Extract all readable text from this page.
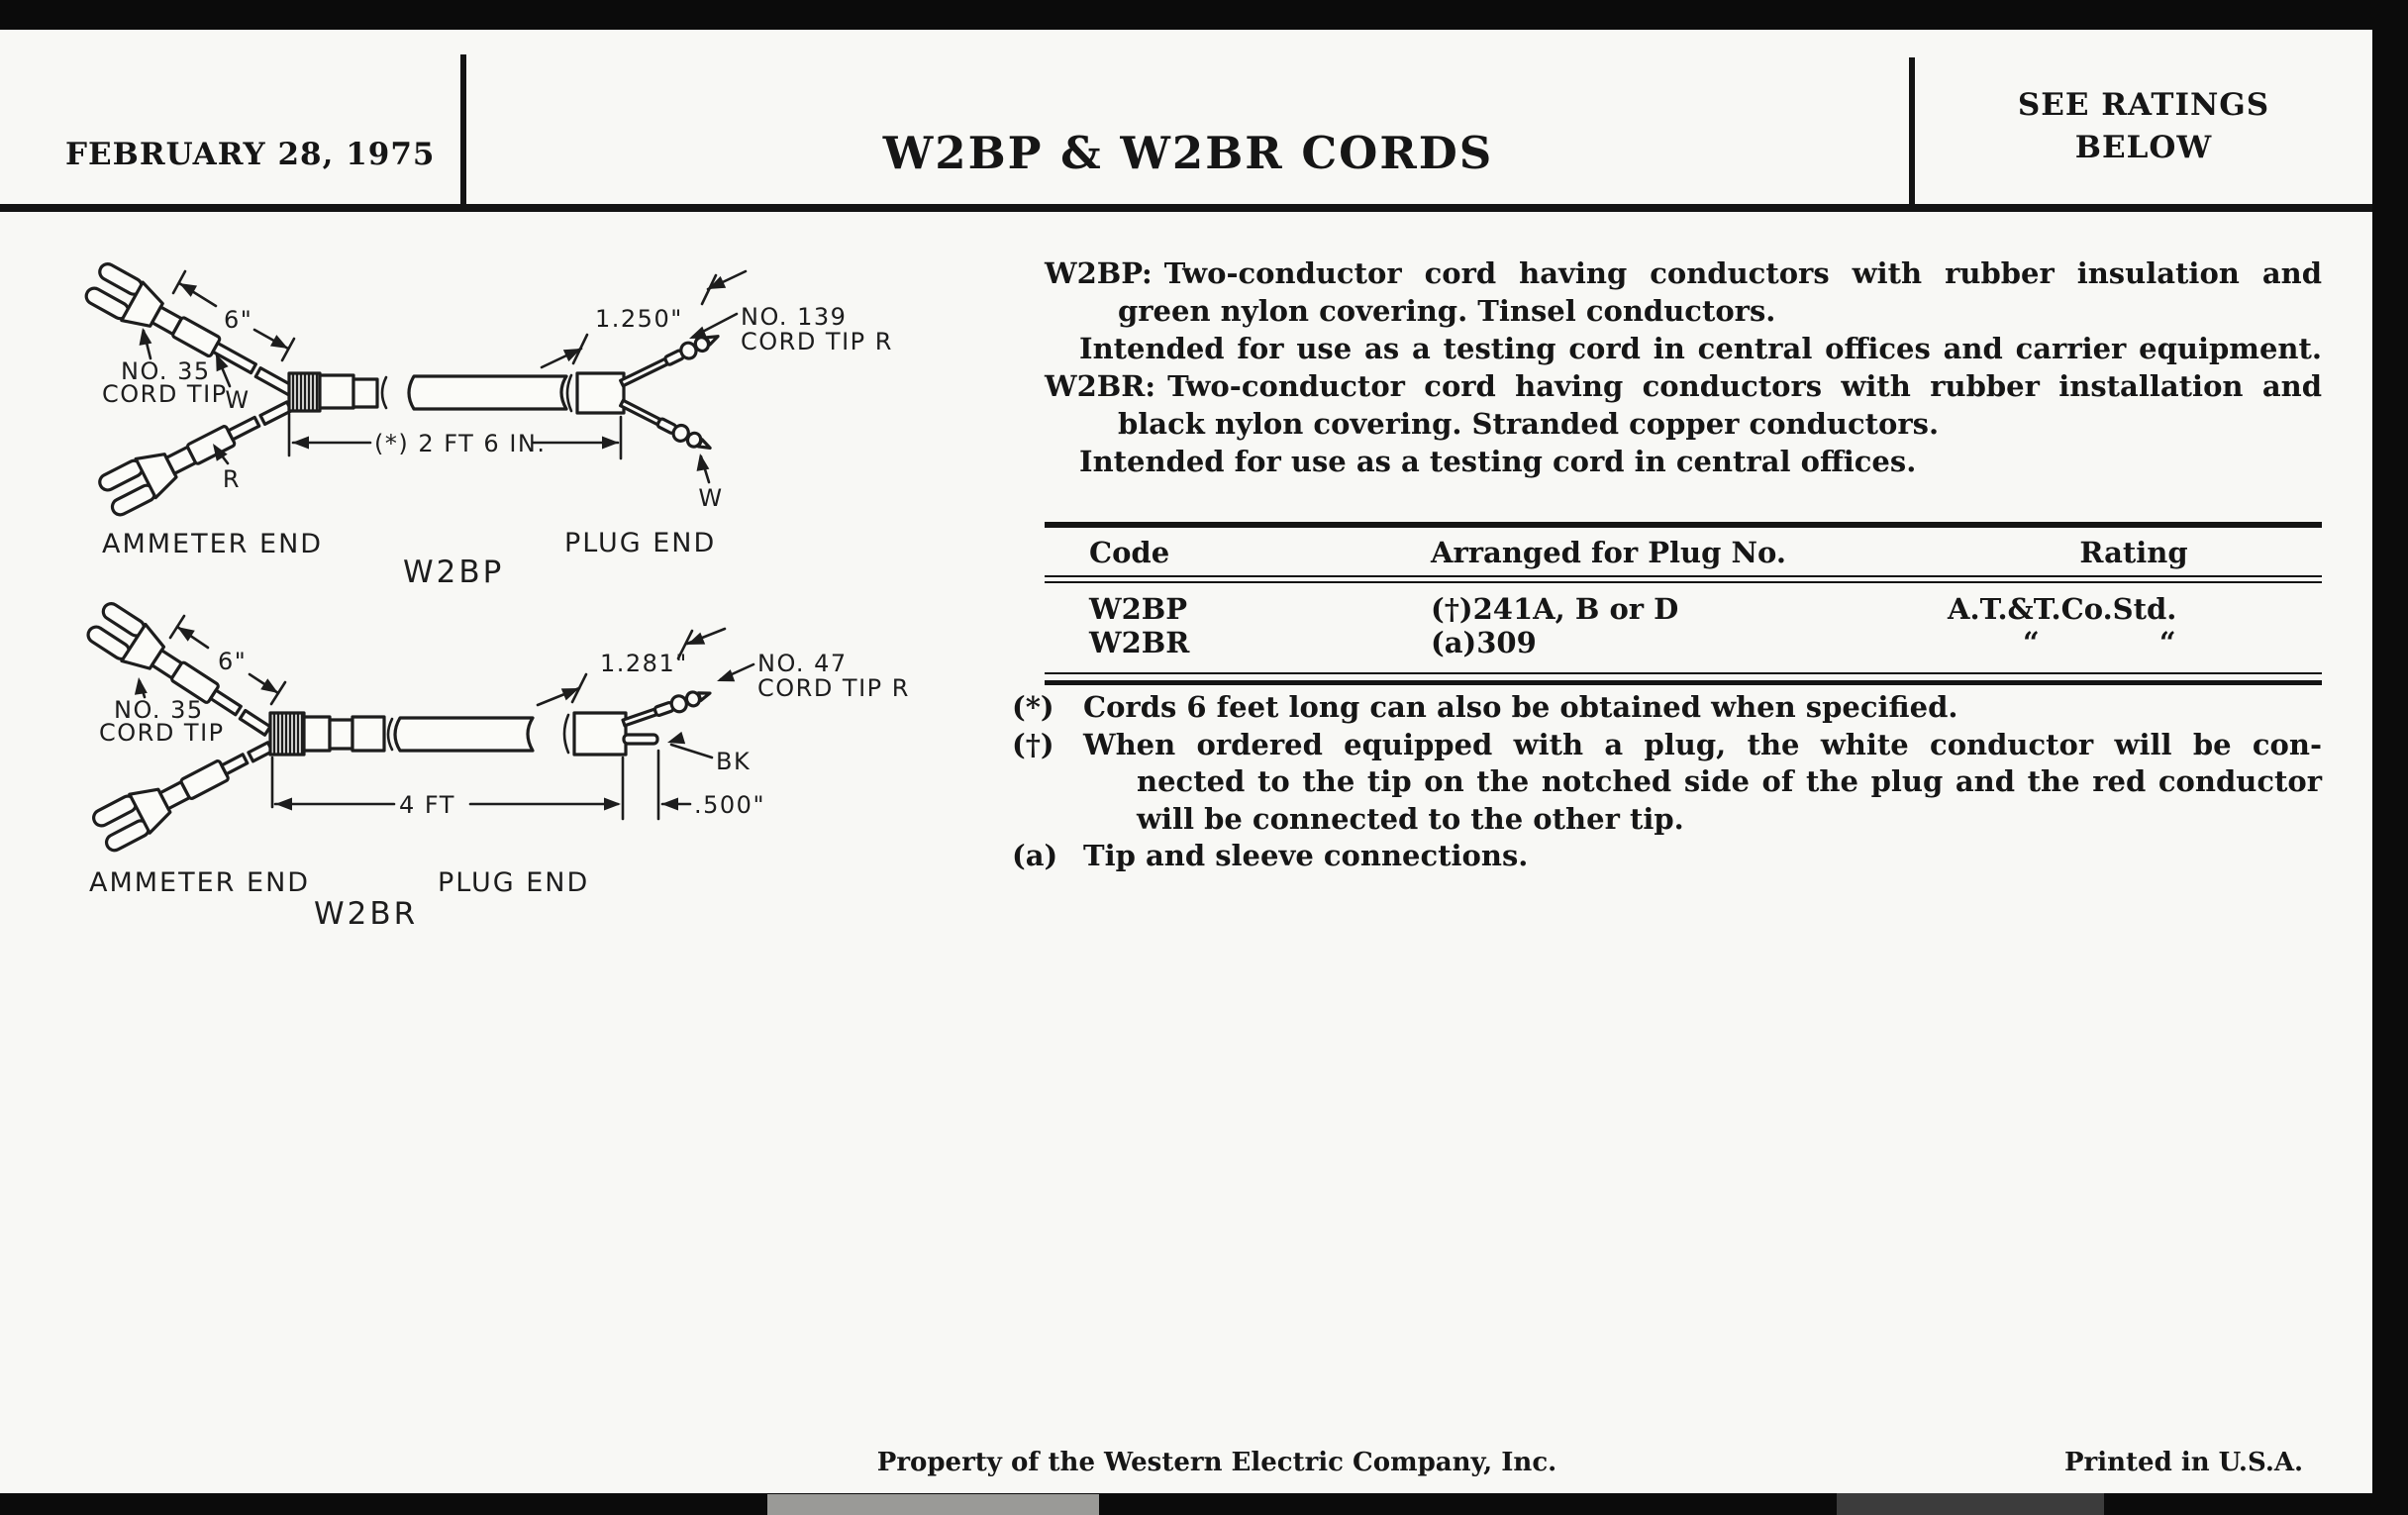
FEBRUARY 28, 1975	W2BP & W2BR CORDS
SEE RATINGS
BELOW
6"
NO. 35
CORD TIP
W
R
(*) 2 FT 6 IN.
1.250" NO. 139
CORD TIP R
W
AMMETER END
W2BP
PLUG END
6"
NO. 35
CORD TIP
4 FT	.500"
1.281"	NO. 47
CORD TIP R
BK
AMMETER END
W2BR
PLUG END
W2BP: Two-conductor cord having conductors with rubber insulation and
green nylon covering. Tinsel conductors.
Intended for use as a testing cord in central offices and carrier equipment.
W2BR: Two-conductor cord having conductors with rubber installation and
black nylon covering. Stranded copper conductors.
Intended for use as a testing cord in central offices.
Code	Arranged for Plug No.	Rating
W2BP	(†)241A, B or D	A.T.&T.Co.Std.
W2BR	(a)309	“            “
(*)	Cords 6 feet long can also be obtained when specified.
(†)	When ordered equipped with a plug, the white conductor will be con-
nected to the tip on the notched side of the plug and the red conductor
will be connected to the other tip.
(a) Tip and sleeve connections.
Property of the Western Electric Company, Inc.	Printed in U.S.A.
